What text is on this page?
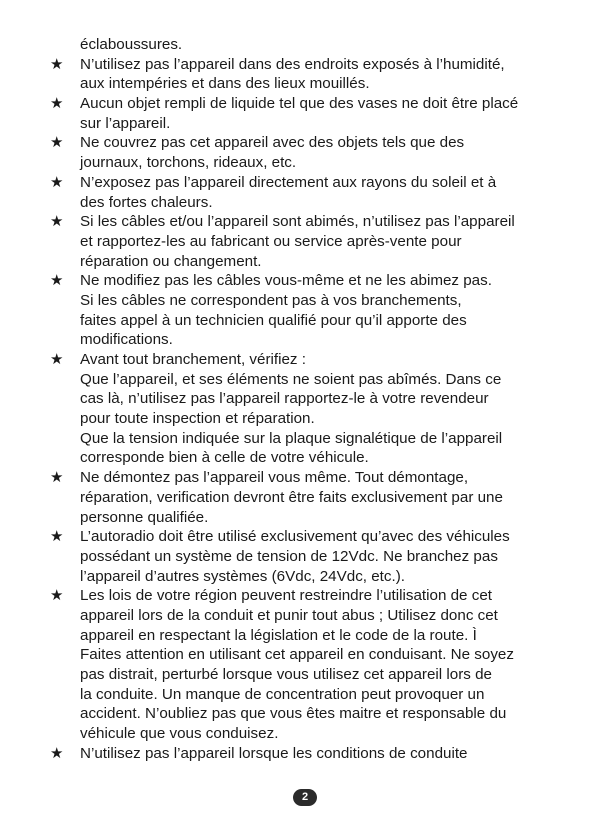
éclaboussures.
★	N’utilisez pas l’appareil dans des endroits exposés à l’humidité,
aux intempéries et dans des lieux mouillés.
★	Aucun objet rempli de liquide tel que des vases ne doit être placé
sur l’appareil.
★	Ne couvrez pas cet appareil avec des objets tels que des
journaux, torchons, rideaux, etc.
★	N’exposez pas l’appareil directement aux rayons du soleil et à
des fortes chaleurs.
★	Si les câbles et/ou l’appareil sont abimés, n’utilisez pas l’appareil
et rapportez-les au fabricant ou service après-vente pour
réparation ou changement.
★	Ne modifiez pas les câbles vous-même et ne les abimez pas.
Si les câbles ne correspondent pas à vos branchements,
faites appel à un technicien qualifié pour qu’il apporte des
modifications.
★	Avant tout branchement, vérifiez :
Que l’appareil, et ses éléments ne soient pas abîmés. Dans ce
cas là, n’utilisez pas l’appareil rapportez-le à votre revendeur
pour toute inspection et réparation.
Que la tension indiquée sur la plaque signalétique de l’appareil
corresponde bien à celle de votre véhicule.
★	Ne démontez pas l’appareil vous même. Tout démontage,
réparation, verification devront être faits exclusivement par une
personne qualifiée.
★	L’autoradio doit être utilisé exclusivement qu’avec des véhicules
possédant un système de tension de 12Vdc. Ne branchez pas
l’appareil d’autres systèmes (6Vdc, 24Vdc, etc.).
★	Les lois de votre région peuvent restreindre l’utilisation de cet
appareil lors de la conduit et punir tout abus ; Utilisez donc cet
appareil en respectant la législation et le code de la route. Ì
Faites attention en utilisant cet appareil en conduisant. Ne soyez
pas distrait, perturbé lorsque vous utilisez cet appareil lors de
la conduite. Un manque de concentration peut provoquer un
accident. N’oubliez pas que vous êtes maitre et responsable du
véhicule que vous conduisez.
★	N’utilisez pas l’appareil lorsque les conditions de conduite
2
